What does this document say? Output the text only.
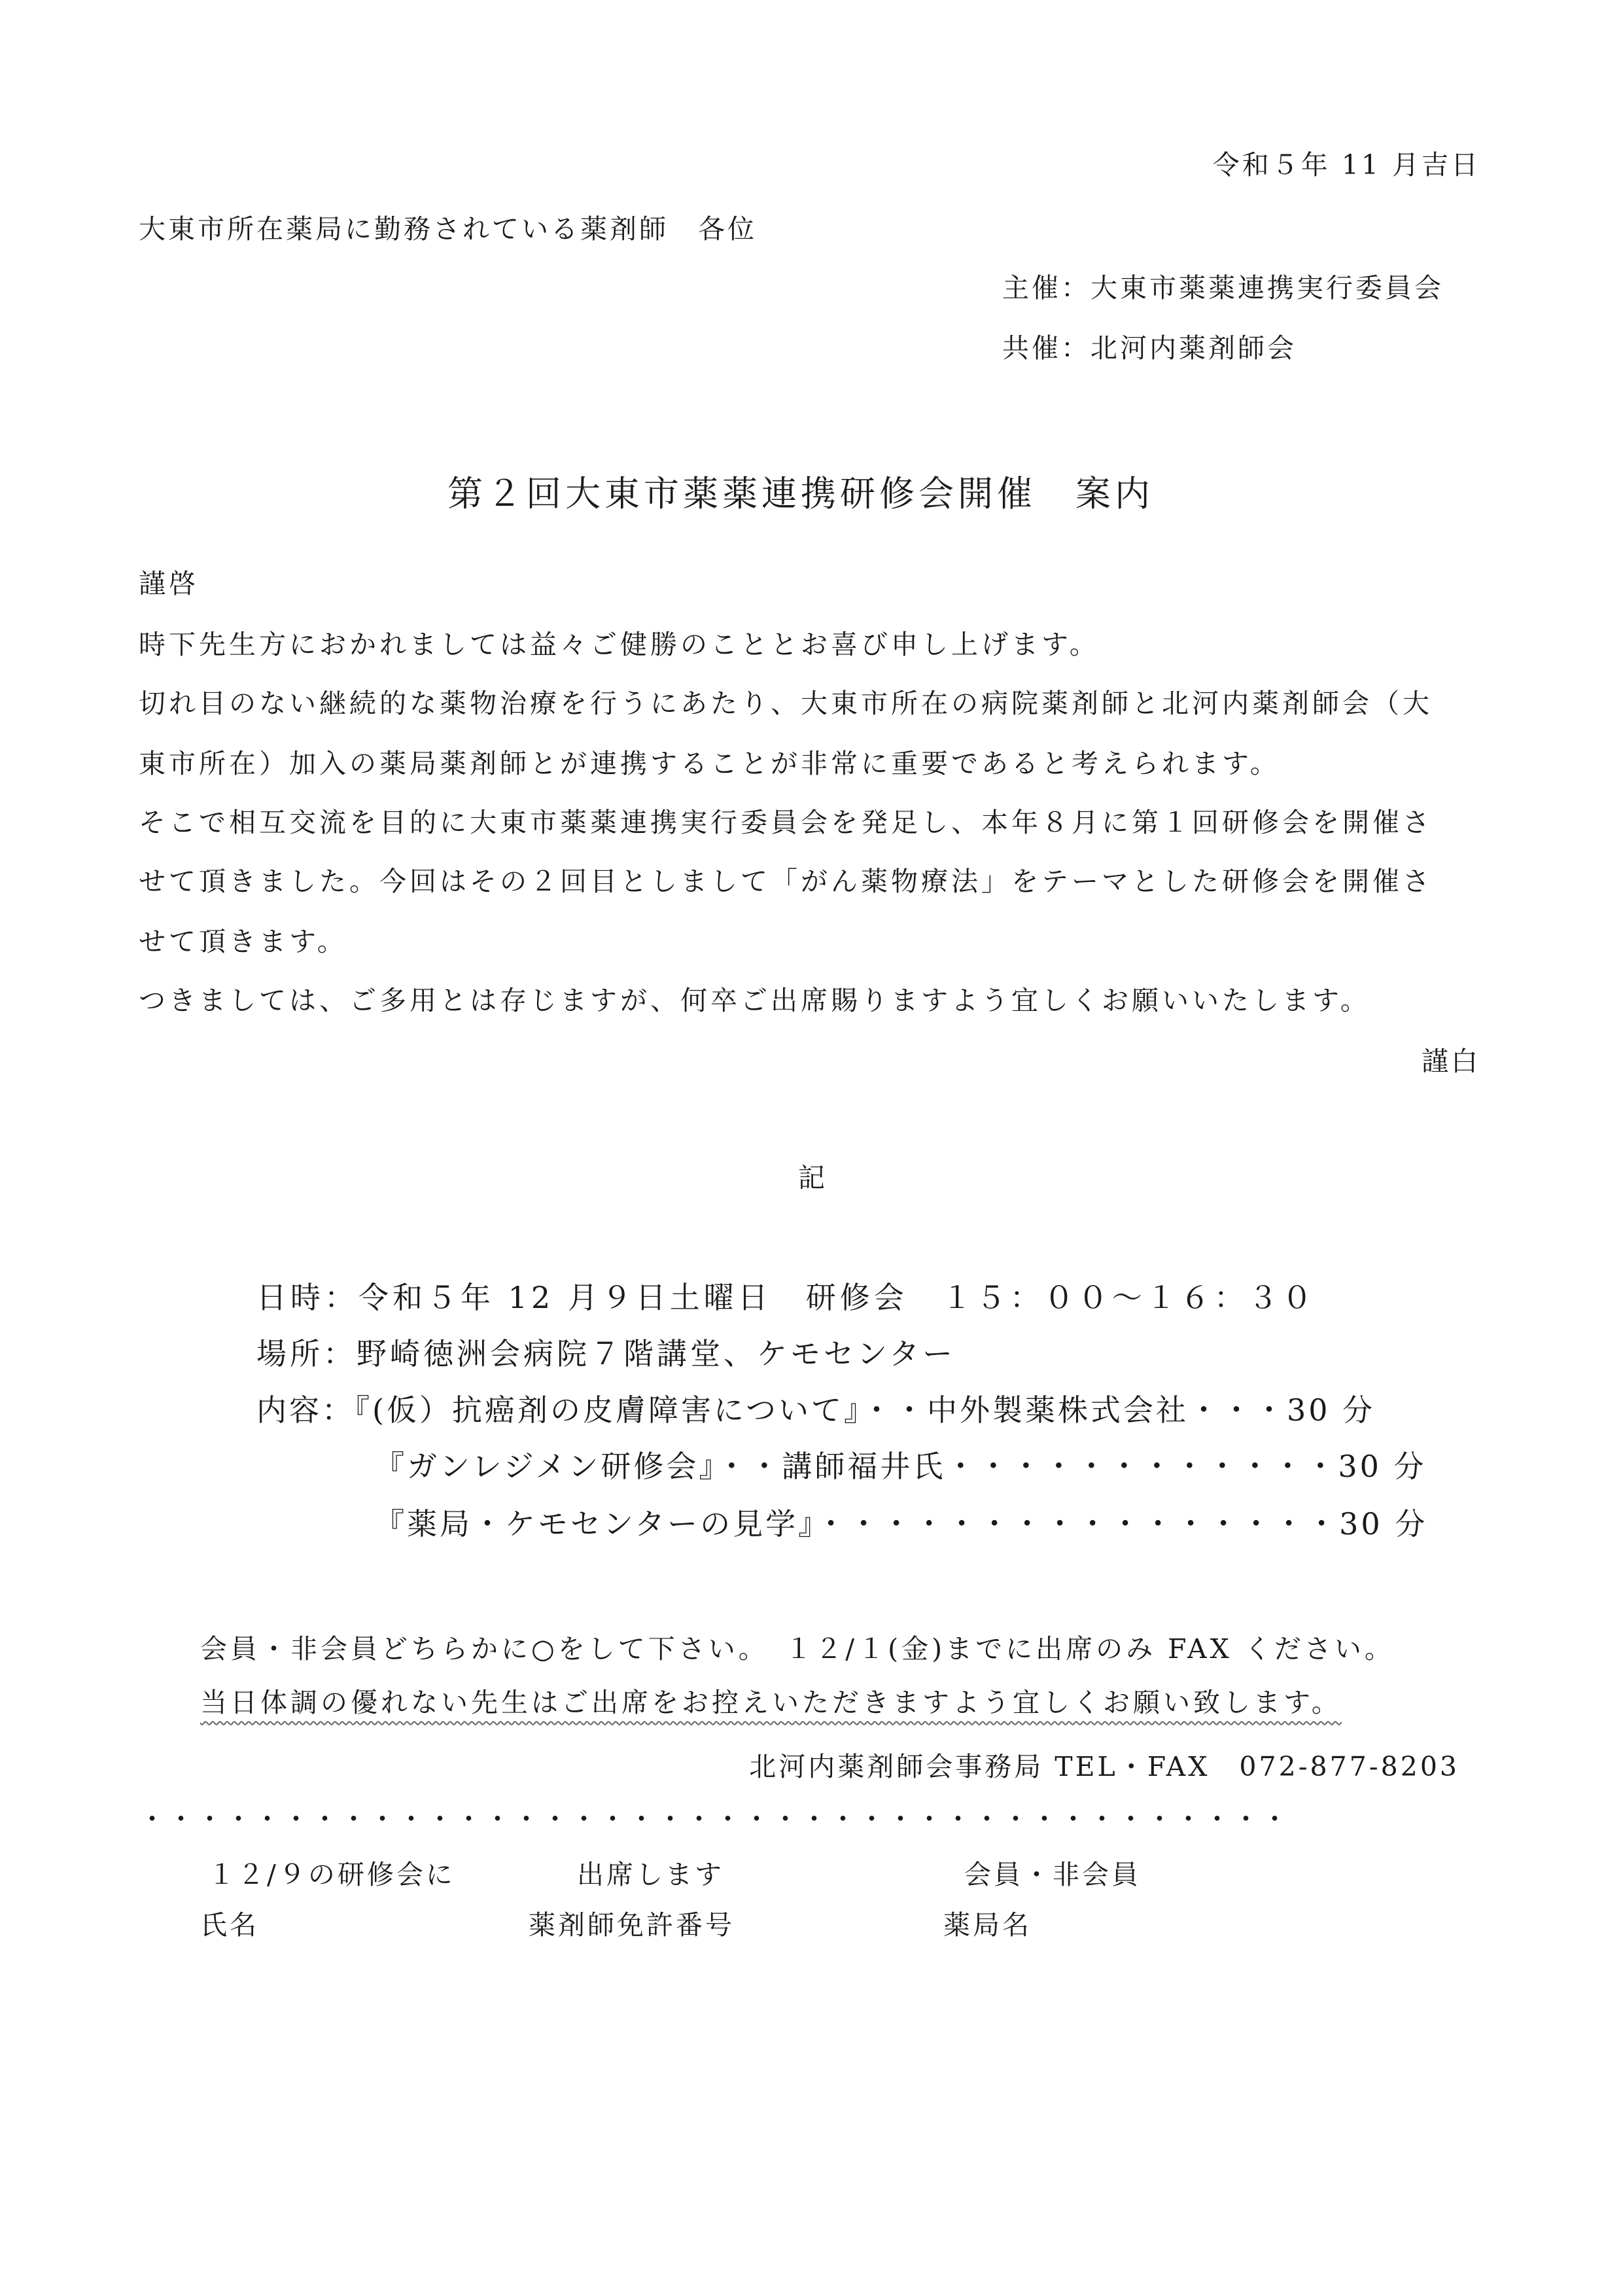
令和５年 11 月吉日
大東市所在薬局に勤務されている薬剤師　各位
主催：大東市薬薬連携実行委員会
共催：北河内薬剤師会
第２回大東市薬薬連携研修会開催　案内
謹啓
時下先生方におかれましては益々ご健勝のこととお喜び申し上げます。
切れ目のない継続的な薬物治療を行うにあたり、大東市所在の病院薬剤師と北河内薬剤師会（大
東市所在）加入の薬局薬剤師とが連携することが非常に重要であると考えられます。
そこで相互交流を目的に大東市薬薬連携実行委員会を発足し、本年８月に第１回研修会を開催さ
せて頂きました。今回はその２回目としまして「がん薬物療法」をテーマとした研修会を開催さ
せて頂きます。
つきましては、ご多用とは存じますが、何卒ご出席賜りますよう宜しくお願いいたします。
謹白
記
日時：令和５年 12 月９日土曜日　研修会　１５：００～１６：３０
場所：野崎徳洲会病院７階講堂、ケモセンター
内容：『(仮）抗癌剤の皮膚障害について』・・中外製薬株式会社・・・30 分
『ガンレジメン研修会』・・講師福井氏・・・・・・・・・・・・30 分
『薬局・ケモセンターの見学』・・・・・・・・・・・・・・・・30 分
会員・非会員どちらかに○をして下さい。　１２/１(金)までに出席のみ FAX ください。
当日体調の優れない先生はご出席をお控えいただきますよう宜しくお願い致します。
北河内薬剤師会事務局 TEL・FAX　072-877-8203
・・・・・・・・・・・・・・・・・・・・・・・・・・・・・・・・・・・・・・・・
１２/９の研修会に	出席します	会員・非会員
氏名	薬剤師免許番号	薬局名
